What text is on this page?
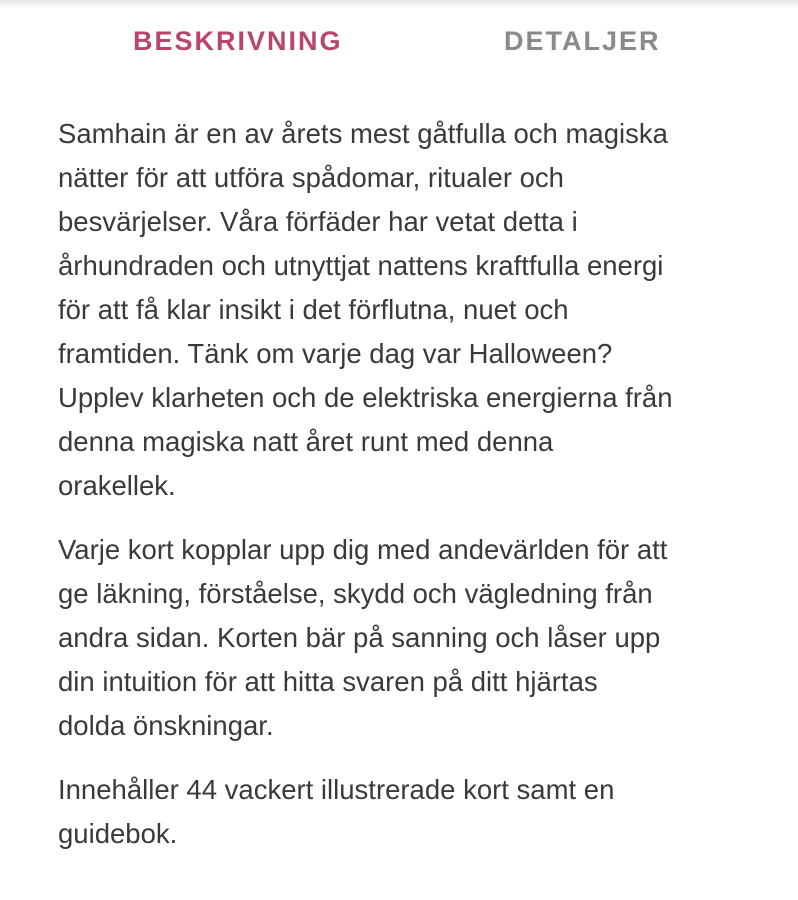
BESKRIVNING	DETALJER

Samhain är en av årets mest gåtfulla och magiska
nätter för att utföra spådomar, ritualer och
besvärjelser. Våra förfäder har vetat detta i
århundraden och utnyttjat nattens kraftfulla energi
för att få klar insikt i det förflutna, nuet och
framtiden. Tänk om varje dag var Halloween?
Upplev klarheten och de elektriska energierna från
denna magiska natt året runt med denna
orakellek.

Varje kort kopplar upp dig med andevärlden för att
ge läkning, förståelse, skydd och vägledning från
andra sidan. Korten bär på sanning och låser upp
din intuition för att hitta svaren på ditt hjärtas
dolda önskningar.

Innehåller 44 vackert illustrerade kort samt en
guidebok.
